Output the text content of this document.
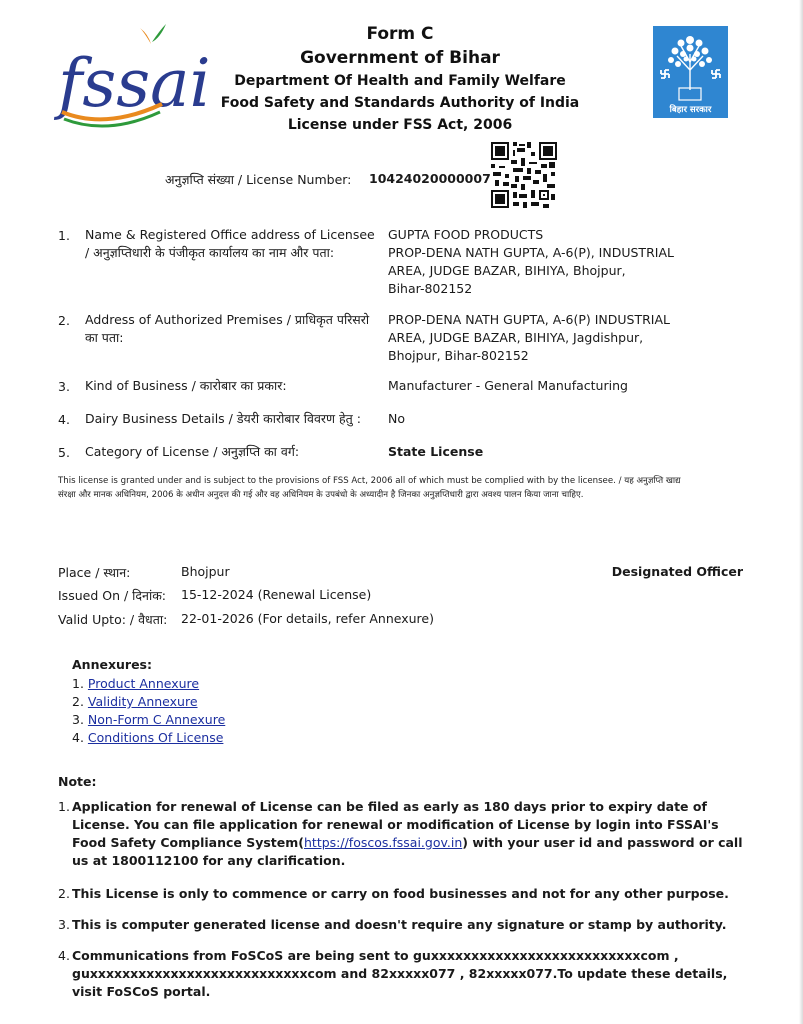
fssai	बिहार सरकार
Form C
Government of Bihar
Department Of Health and Family Welfare
Food Safety and Standards Authority of India
License under FSS Act, 2006
अनुज्ञप्ति संख्या / License Number: 10424020000007
1. Name & Registered Office address of Licensee / अनुज्ञप्तिधारी के पंजीकृत कार्यालय का नाम और पता:
GUPTA FOOD PRODUCTS
PROP-DENA NATH GUPTA, A-6(P), INDUSTRIAL
AREA, JUDGE BAZAR, BIHIYA, Bhojpur,
Bihar-802152
2. Address of Authorized Premises / प्राधिकृत परिसरो का पता:
PROP-DENA NATH GUPTA, A-6(P) INDUSTRIAL
AREA, JUDGE BAZAR, BIHIYA, Jagdishpur,
Bhojpur, Bihar-802152
3. Kind of Business / कारोबार का प्रकार:	Manufacturer - General Manufacturing
4. Dairy Business Details / डेयरी कारोबार विवरण हेतु :	No
5. Category of License / अनुज्ञप्ति का वर्ग:	State License
This license is granted under and is subject to the provisions of FSS Act, 2006 all of which must be complied with by the licensee. / यह अनुज्ञप्ति खाद्य संरक्षा और मानक अधिनियम, 2006 के अधीन अनुदत्त की गई और वह अधिनियम के उपबंधो के अध्यादीन है जिनका अनुज्ञप्तिधारी द्वारा अवश्य पालन किया जाना चाहिए.
Place / स्थान:	Bhojpur	Designated Officer
Issued On / दिनांक: 15-12-2024 (Renewal License)
Valid Upto: / वैधता: 22-01-2026 (For details, refer Annexure)
Annexures:
1. Product Annexure
2. Validity Annexure
3. Non-Form C Annexure
4. Conditions Of License
Note:
1. Application for renewal of License can be filed as early as 180 days prior to expiry date of License. You can file application for renewal or modification of License by login into FSSAI's Food Safety Compliance System(https://foscos.fssai.gov.in) with your user id and password or call us at 1800112100 for any clarification.
2. This License is only to commence or carry on food businesses and not for any other purpose.
3. This is computer generated license and doesn't require any signature or stamp by authority.
4. Communications from FoSCoS are being sent to guxxxxxxxxxxxxxxxxxxxxxxxxxxcom , guxxxxxxxxxxxxxxxxxxxxxxxxxxxcom and 82xxxxx077 , 82xxxxx077.To update these details, visit FoSCoS portal.
